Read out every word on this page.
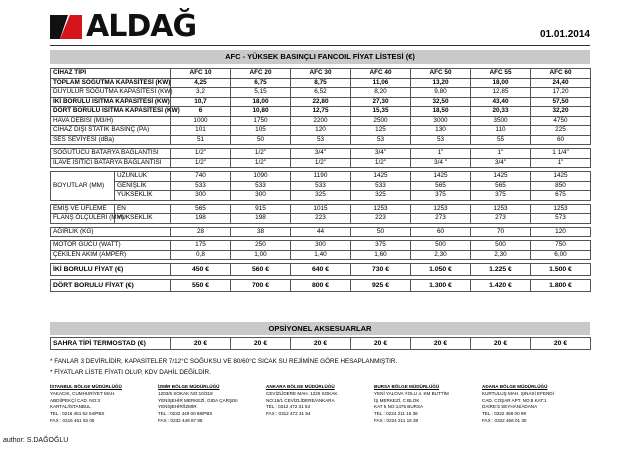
ALDAĞ	01.01.2014
AFC - YÜKSEK BASINÇLI FANCOIL FİYAT LİSTESİ (€)
CİHAZ TİPİ		AFC 10	AFC 20	AFC 30	AFC 40	AFC 50	AFC 55	AFC 60
TOPLAM SOĞUTMA KAPASİTESİ (KW)		4,25	6,75	8,75	11,06	13,20	18,00	24,40
DUYULUR SOĞUTMA KAPASİTESİ (KW)		3,2	5,15	6,52	8,20	9,80	12,85	17,20
İKİ BORULU ISITMA KAPASİTESİ (KW)		10,7	18,00	22,80	27,30	32,50	43,40	57,50
DÖRT BORULU ISITMA KAPASİTESİ (KW)		6	10,80	12,75	15,35	18,50	20,33	32,20
HAVA DEBİSİ (M3/H)		1000	1750	2200	2500	3000	3500	4750
CİHAZ DIŞI STATİK BASINÇ (PA)		101	105	120	125	130	110	225
SES SEVİYESİ (dBa)		51	50	53	53	53	55	60

SOĞUTUCU BATARYA BAĞLANTISI		1/2"	1/2"	3/4"	3/4"	1"	1"	1 1/4"
İLAVE ISITICI BATARYA BAĞLANTISI		1/2"	1/2"	1/2"	1/2"	3/4 "	3/4"	1"

BOYUTLAR (MM)	UZUNLUK	740	1090	1190	1425	1425	1425	1425
	GENİŞLİK	533	533	533	533	565	565	850
	YÜKSEKLİK	300	300	325	325	375	375	675

EMİŞ VE ÜFLEME	EN	565	915	1015	1253	1253	1253	1253
FLANŞ ÖLÇÜLERİ (MM)	YÜKSEKLİK	198	198	223	223	273	273	573

AĞIRLIK (KG)		28	38	44	50	60	70	120

MOTOR GÜCÜ (WATT)		175	250	300	375	500	500	750
ÇEKİLEN AKIM (AMPER)		0,8	1,00	1,40	1,60	2,30	2,30	6,00

İKİ BORULU FİYAT (€)		450 €	560 €	640 €	730 €	1.050 €	1.225 €	1.500 €

DÖRT BORULU FİYAT (€)		550 €	700 €	800 €	925 €	1.300 €	1.420 €	1.800 €
OPSİYONEL AKSESUARLAR
SAHRA TİPİ TERMOSTAD (€)	20 €	20 €	20 €	20 €	20 €	20 €	20 €
* FANLAR 3 DEVİRLİDİR, KAPASİTELER 7/12°C SOĞUKSU VE 80/60°C SICAK SU REJİMİNE GÖRE HESAPLANMIŞTIR.
* FİYATLAR LİSTE FİYATI OLUP, KDV DAHİL DEĞİLDİR.
İSTANBUL BÖLGE MÜDÜRLÜĞÜ
YAKACIK, CUMHURİYET MAH.
ABDİİPEKÇİ CAD. NO:3
KARTAL/İSTANBUL
TEL : 0216 451 62 04/PBX
FAX : 0216 451 62 05
İZMİR BÖLGE MÜDÜRLÜĞÜ
1203/5 SOKAK NO:10/318
YENİŞEHİR MERKEZİ, GIDA ÇARŞISI
YENİŞEHİR/İZMİR
TEL : 0232 449 00 88/PBX
FAX : 0232 449 87 88
ANKARA BÖLGE MÜDÜRLÜĞÜ
CEVİZLİDERE MAH. 1226 SOKAK
NO:15/1 CEVİZLİDERE/ANKARA
TEL : 0312 472 31 53
FAX : 0312 472 31 54
BURSA BÖLGE MÜDÜRLÜĞÜ
YENİ YALOVA YOLU 4. KM BUTTİM
İŞ MERKEZİ, C BLOK
KAT 5 NO:1475 BURSA
TEL : 0224 211 15 36
FAX : 0224 211 15 38
ADANA BÖLGE MÜDÜRLÜĞÜ
KURTULUŞ MAH. ŞINASİ EFENDİ
CAD. COŞAR APT. NO:8 KAT:1
DAİRE:5 SEYHAN/ADANA
TEL : 0322 456 00 99
FAX : 0322 456 01 30
author: S.DAĞOĞLU
